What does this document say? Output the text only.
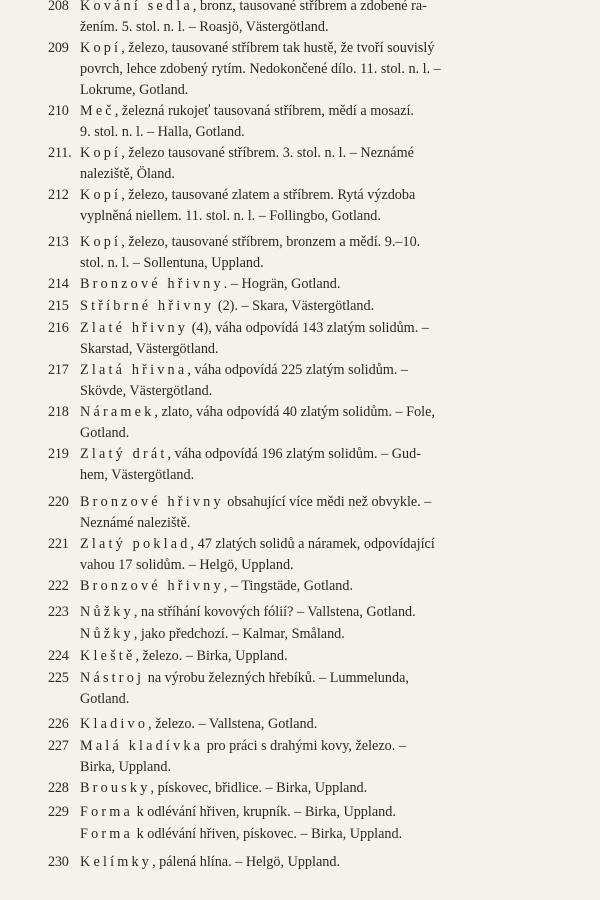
208 Kování sedla, bronz, tausované stříbrem a zdobené ra-
žením. 5. stol. n. l. – Roasjö, Västergötland.
209 Kopí, železo, tausované stříbrem tak hustě, že tvoří souvislý
povrch, lehce zdobený rytím. Nedokončené dílo. 11. stol. n. l. –
Lokrume, Gotland.
210 Meč, železná rukojeť tausovaná stříbrem, mědí a mosazí.
9. stol. n. l. – Halla, Gotland.
211. Kopí, železo tausované stříbrem. 3. stol. n. l. – Neznámé
naleziště, Öland.
212 Kopí, železo, tausované zlatem a stříbrem. Rytá výzdoba
vyplněná niellem. 11. stol. n. l. – Follingbo, Gotland.
213 Kopí, železo, tausované stříbrem, bronzem a mědí. 9.–10.
stol. n. l. – Sollentuna, Uppland.
214 Bronzové hřivny. – Hogrän, Gotland.
215 Stříbrné hřivny (2). – Skara, Västergötland.
216 Zlaté hřivny (4), váha odpovídá 143 zlatým solidům. –
Skarstad, Västergötland.
217 Zlatá hřivna, váha odpovídá 225 zlatým solidům. –
Skövde, Västergötland.
218 Náramek, zlato, váha odpovídá 40 zlatým solidům. – Fole,
Gotland.
219 Zlatý drát, váha odpovídá 196 zlatým solidům. – Gud-
hem, Västergötland.
220 Bronzové hřivny obsahující více mědi než obvykle. –
Neznámé naleziště.
221 Zlatý poklad, 47 zlatých solidů a náramek, odpovídající
vahou 17 solidům. – Helgö, Uppland.
222 Bronzové hřivny, – Tingstäde, Gotland.
223 Nůžky, na stříhání kovových fólií? – Vallstena, Gotland.
Nůžky, jako předchozí. – Kalmar, Småland.
224 Kleště, železo. – Birka, Uppland.
225 Nástroj na výrobu železných hřebíků. – Lummelunda,
Gotland.
226 Kladivo, železo. – Vallstena, Gotland.
227 Malá kladívka pro práci s drahými kovy, železo. –
Birka, Uppland.
228 Brousky, pískovec, břidlice. – Birka, Uppland.
229 Forma k odlévání hřiven, krupník. – Birka, Uppland.
Forma k odlévání hřiven, pískovec. – Birka, Uppland.
230 Kelímky, pálená hlína. – Helgö, Uppland.
